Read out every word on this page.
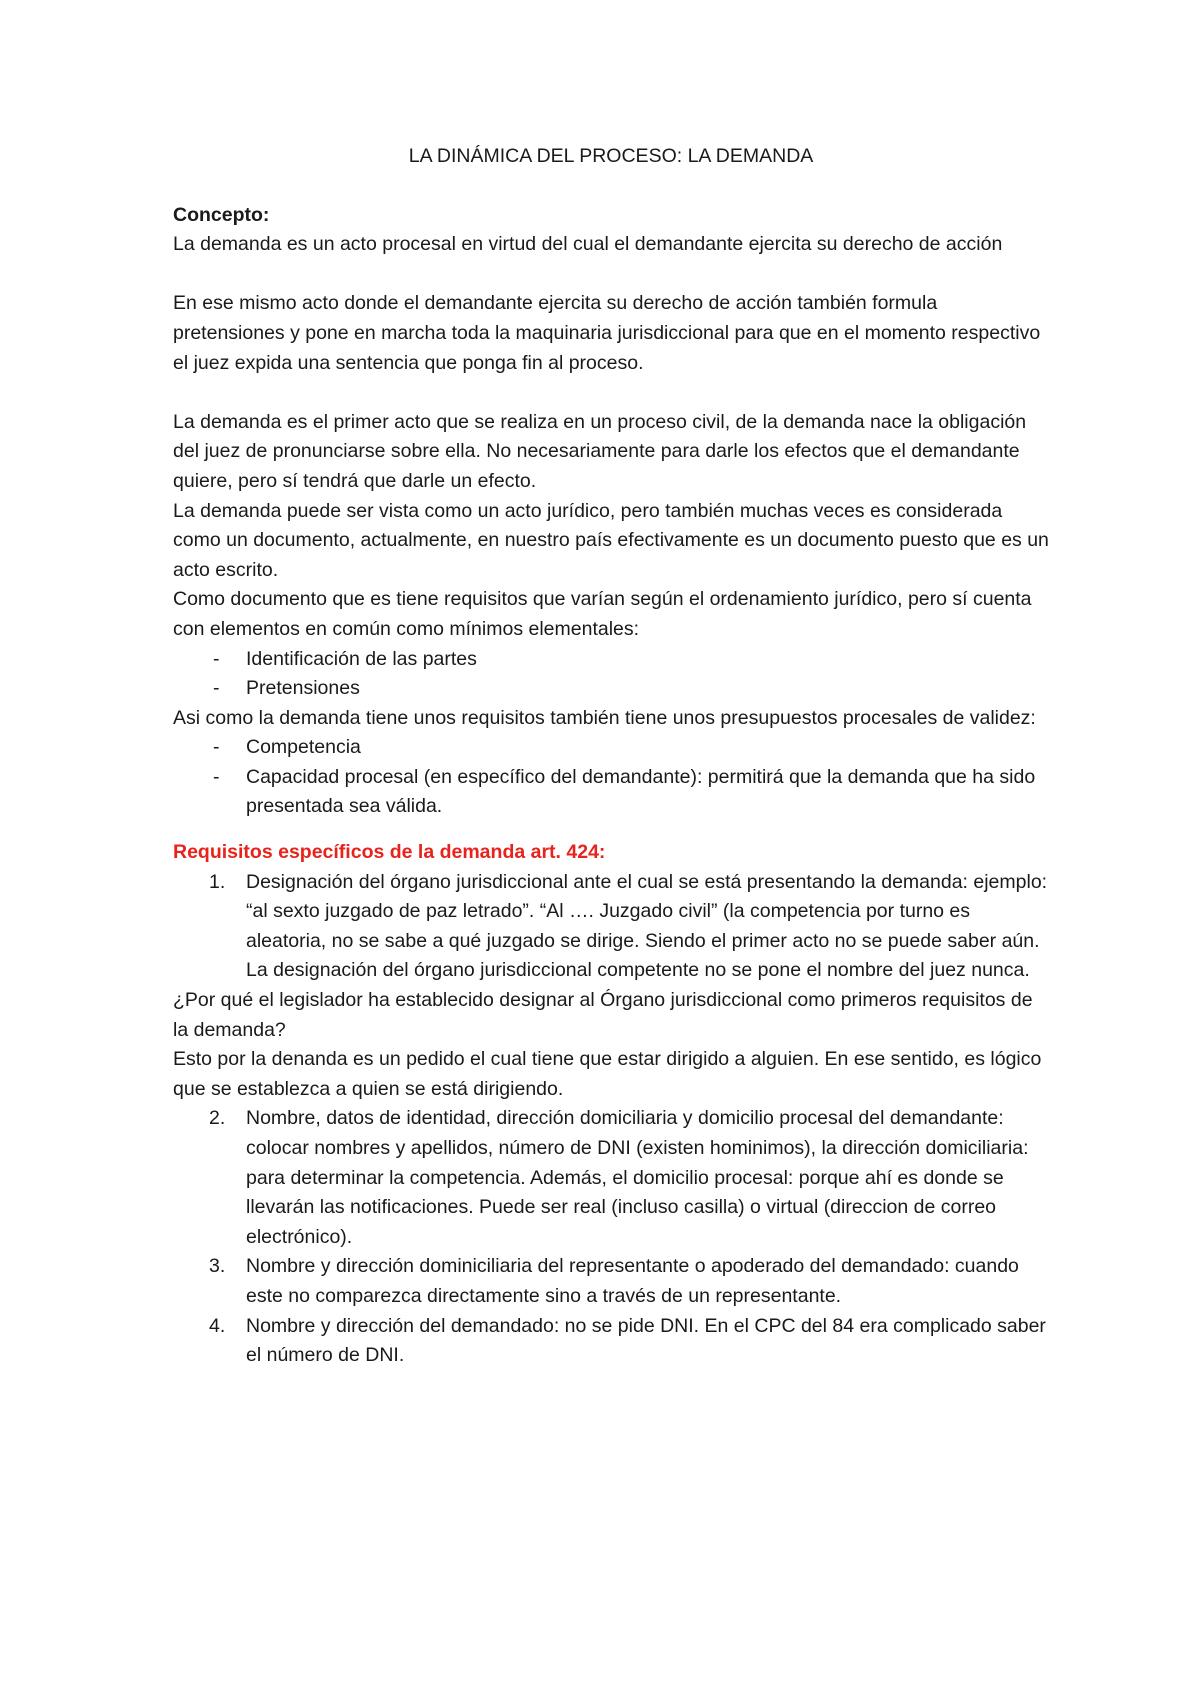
LA DINÁMICA DEL PROCESO: LA DEMANDA

Concepto:

La demanda es un acto procesal en virtud del cual el demandante ejercita su derecho de acción

En ese mismo acto donde el demandante ejercita su derecho de acción también formula pretensiones y pone en marcha toda la maquinaria jurisdiccional para que en el momento respectivo el juez expida una sentencia que ponga fin al proceso.

La demanda es el primer acto que se realiza en un proceso civil, de la demanda nace la obligación del juez de pronunciarse sobre ella. No necesariamente para darle los efectos que el demandante quiere, pero sí tendrá que darle un efecto.

La demanda puede ser vista como un acto jurídico, pero también muchas veces es considerada como un documento, actualmente, en nuestro país efectivamente es un documento puesto que es un acto escrito.

Como documento que es tiene requisitos que varían según el ordenamiento jurídico, pero sí cuenta con elementos en común como mínimos elementales:

- Identificación de las partes
- Pretensiones

Asi como la demanda tiene unos requisitos también tiene unos presupuestos procesales de validez:

- Competencia
- Capacidad procesal (en específico del demandante): permitirá que la demanda que ha sido presentada sea válida.

Requisitos específicos de la demanda art. 424:

1. Designación del órgano jurisdiccional ante el cual se está presentando la demanda: ejemplo: “al sexto juzgado de paz letrado”. “Al …. Juzgado civil” (la competencia por turno es aleatoria, no se sabe a qué juzgado se dirige. Siendo el primer acto no se puede saber aún. La designación del órgano jurisdiccional competente no se pone el nombre del juez nunca.

¿Por qué el legislador ha establecido designar al Órgano jurisdiccional como primeros requisitos de la demanda?

Esto por la denanda es un pedido el cual tiene que estar dirigido a alguien. En ese sentido, es lógico que se establezca a quien se está dirigiendo.

2. Nombre, datos de identidad, dirección domiciliaria y domicilio procesal del demandante: colocar nombres y apellidos, número de DNI (existen hominimos), la dirección domiciliaria: para determinar la competencia. Además, el domicilio procesal: porque ahí es donde se llevarán las notificaciones. Puede ser real (incluso casilla) o virtual (direccion de correo electrónico).
3. Nombre y dirección dominiciliaria del representante o apoderado del demandado: cuando este no comparezca directamente sino a través de un representante.
4. Nombre y dirección del demandado: no se pide DNI. En el CPC del 84 era complicado saber el número de DNI.
